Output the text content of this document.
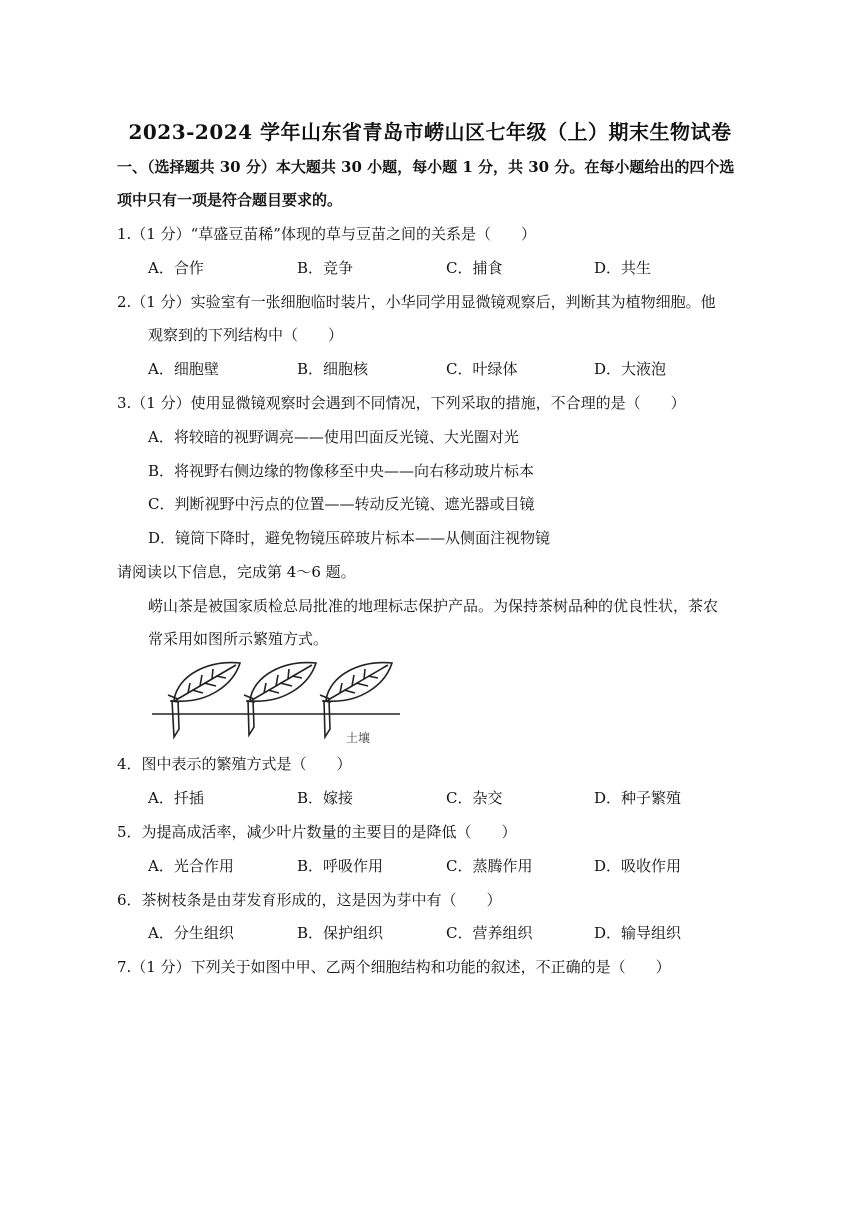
2023-2024 学年山东省青岛市崂山区七年级（上）期末生物试卷
一、（选择题共 30 分）本大题共 30 小题，每小题 1 分，共 30 分。在每小题给出的四个选
项中只有一项是符合题目要求的。
1.（1 分）“草盛豆苗稀”体现的草与豆苗之间的关系是（　　）
A．合作	B．竞争	C．捕食	D．共生
2.（1 分）实验室有一张细胞临时装片，小华同学用显微镜观察后，判断其为植物细胞。他
观察到的下列结构中（　　）
A．细胞壁	B．细胞核	C．叶绿体	D．大液泡
3.（1 分）使用显微镜观察时会遇到不同情况，下列采取的措施，不合理的是（　　）
A．将较暗的视野调亮——使用凹面反光镜、大光圈对光
B．将视野右侧边缘的物像移至中央——向右移动玻片标本
C．判断视野中污点的位置——转动反光镜、遮光器或目镜
D．镜筒下降时，避免物镜压碎玻片标本——从侧面注视物镜
请阅读以下信息，完成第 4～6 题。
崂山茶是被国家质检总局批准的地理标志保护产品。为保持茶树品种的优良性状，茶农
常采用如图所示繁殖方式。
土壤
4．图中表示的繁殖方式是（　　）
A．扦插	B．嫁接	C．杂交	D．种子繁殖
5．为提高成活率，减少叶片数量的主要目的是降低（　　）
A．光合作用	B．呼吸作用	C．蒸腾作用	D．吸收作用
6．茶树枝条是由芽发育形成的，这是因为芽中有（　　）
A．分生组织	B．保护组织	C．营养组织	D．输导组织
7.（1 分）下列关于如图中甲、乙两个细胞结构和功能的叙述，不正确的是（　　）
